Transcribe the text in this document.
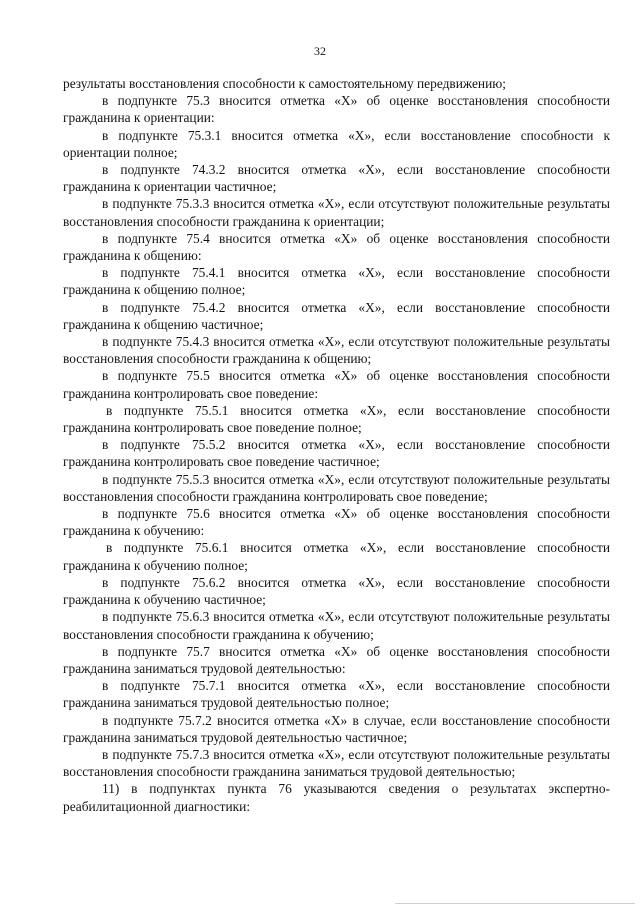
32

результаты восстановления способности к самостоятельному передвижению;

в подпункте 75.3 вносится отметка «Х» об оценке восстановления способности гражданина к ориентации:

в подпункте 75.3.1 вносится отметка «Х», если восстановление способности к ориентации полное;

в подпункте 74.3.2 вносится отметка «Х», если восстановление способности гражданина к ориентации частичное;

в подпункте 75.3.3 вносится отметка «Х», если отсутствуют положительные результаты восстановления способности гражданина к ориентации;

в подпункте 75.4 вносится отметка «Х» об оценке восстановления способности гражданина к общению:

в подпункте 75.4.1 вносится отметка «Х», если восстановление способности гражданина к общению полное;

в подпункте 75.4.2 вносится отметка «Х», если восстановление способности гражданина к общению частичное;

в подпункте 75.4.3 вносится отметка «Х», если отсутствуют положительные результаты восстановления способности гражданина к общению;

в подпункте 75.5 вносится отметка «Х» об оценке восстановления способности гражданина контролировать свое поведение:

в подпункте 75.5.1 вносится отметка «Х», если восстановление способности гражданина контролировать свое поведение полное;

в подпункте 75.5.2 вносится отметка «Х», если восстановление способности гражданина контролировать свое поведение частичное;

в подпункте 75.5.3 вносится отметка «Х», если отсутствуют положительные результаты восстановления способности гражданина контролировать свое поведение;

в подпункте 75.6 вносится отметка «Х» об оценке восстановления способности гражданина к обучению:

в подпункте 75.6.1 вносится отметка «Х», если восстановление способности гражданина к обучению полное;

в подпункте 75.6.2 вносится отметка «Х», если восстановление способности гражданина к обучению частичное;

в подпункте 75.6.3 вносится отметка «Х», если отсутствуют положительные результаты восстановления способности гражданина к обучению;

в подпункте 75.7 вносится отметка «Х» об оценке восстановления способности гражданина заниматься трудовой деятельностью:

в подпункте 75.7.1 вносится отметка «Х», если восстановление способности гражданина заниматься трудовой деятельностью полное;

в подпункте 75.7.2 вносится отметка «Х» в случае, если восстановление способности гражданина заниматься трудовой деятельностью частичное;

в подпункте 75.7.3 вносится отметка «Х», если отсутствуют положительные результаты восстановления способности гражданина заниматься трудовой деятельностью;

11) в подпунктах пункта 76 указываются сведения о результатах экспертно-реабилитационной диагностики:
